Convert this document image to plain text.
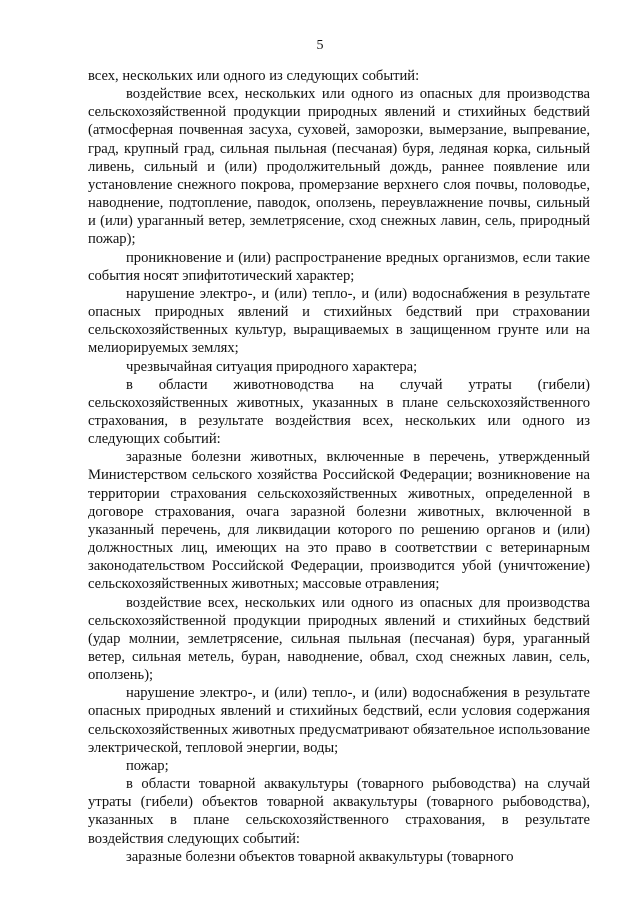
5

всех, нескольких или одного из следующих событий:

воздействие всех, нескольких или одного из опасных для производства сельскохозяйственной продукции природных явлений и стихийных бедствий (атмосферная почвенная засуха, суховей, заморозки, вымерзание, выпревание, град, крупный град, сильная пыльная (песчаная) буря, ледяная корка, сильный ливень, сильный и (или) продолжительный дождь, раннее появление или установление снежного покрова, промерзание верхнего слоя почвы, половодье, наводнение, подтопление, паводок, оползень, переувлажнение почвы, сильный и (или) ураганный ветер, землетрясение, сход снежных лавин, сель, природный пожар);

проникновение и (или) распространение вредных организмов, если такие события носят эпифитотический характер;

нарушение электро-, и (или) тепло-, и (или) водоснабжения в результате опасных природных явлений и стихийных бедствий при страховании сельскохозяйственных культур, выращиваемых в защищенном грунте или на мелиорируемых землях;

чрезвычайная ситуация природного характера;

в области животноводства на случай утраты (гибели) сельскохозяйственных животных, указанных в плане сельскохозяйственного страхования, в результате воздействия всех, нескольких или одного из следующих событий:

заразные болезни животных, включенные в перечень, утвержденный Министерством сельского хозяйства Российской Федерации; возникновение на территории страхования сельскохозяйственных животных, определенной в договоре страхования, очага заразной болезни животных, включенной в указанный перечень, для ликвидации которого по решению органов и (или) должностных лиц, имеющих на это право в соответствии с ветеринарным законодательством Российской Федерации, производится убой (уничтожение) сельскохозяйственных животных; массовые отравления;

воздействие всех, нескольких или одного из опасных для производства сельскохозяйственной продукции природных явлений и стихийных бедствий (удар молнии, землетрясение, сильная пыльная (песчаная) буря, ураганный ветер, сильная метель, буран, наводнение, обвал, сход снежных лавин, сель, оползень);

нарушение электро-, и (или) тепло-, и (или) водоснабжения в результате опасных природных явлений и стихийных бедствий, если условия содержания сельскохозяйственных животных предусматривают обязательное использование электрической, тепловой энергии, воды;

пожар;

в области товарной аквакультуры (товарного рыбоводства) на случай утраты (гибели) объектов товарной аквакультуры (товарного рыбоводства), указанных в плане сельскохозяйственного страхования, в результате воздействия следующих событий:

заразные болезни объектов товарной аквакультуры (товарного
